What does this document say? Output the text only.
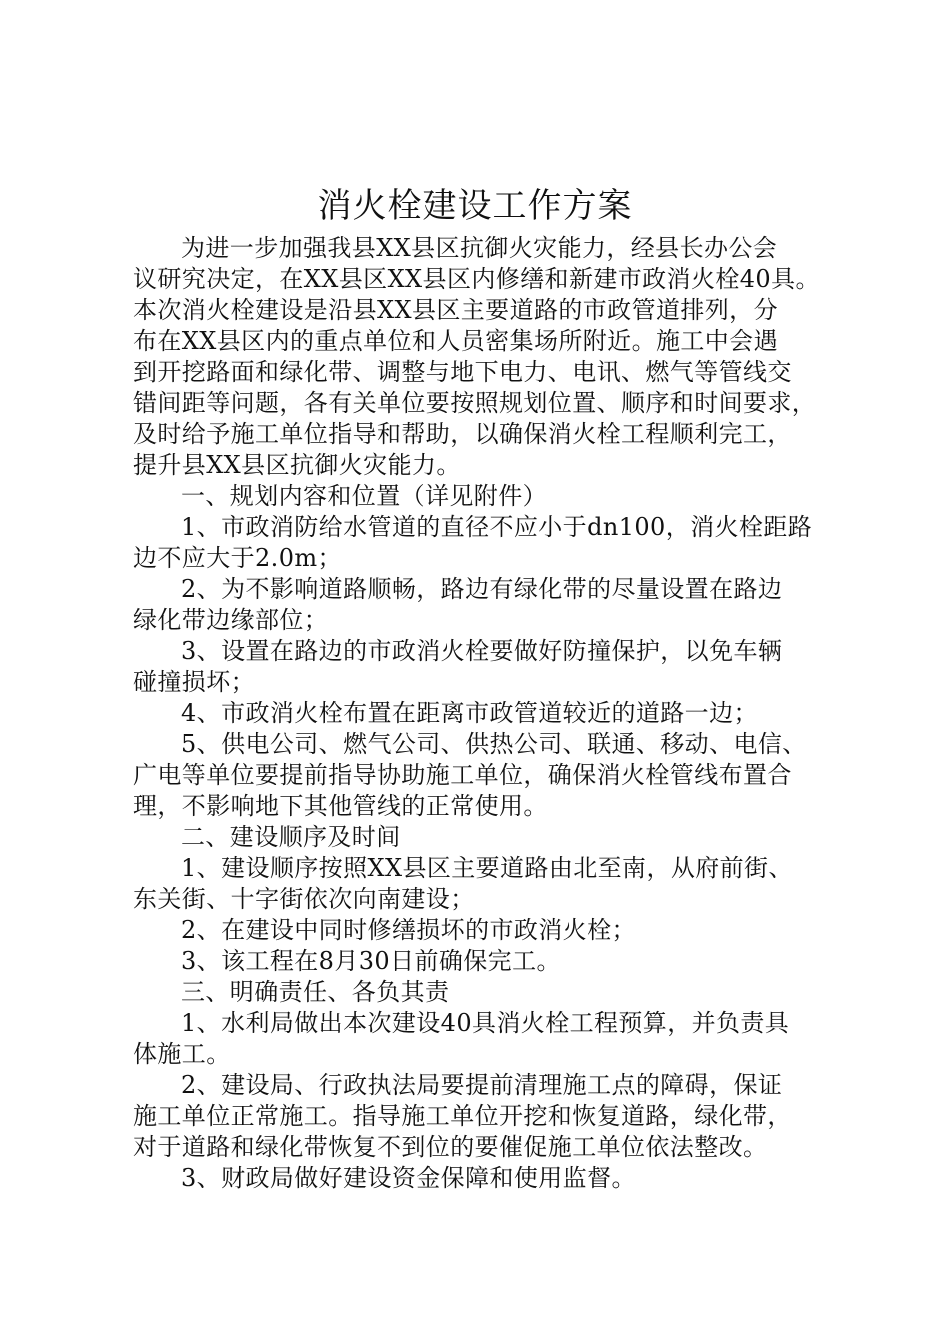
消火栓建设工作方案
为进一步加强我县XX县区抗御火灾能力，经县长办公会
议研究决定，在XX县区XX县区内修缮和新建市政消火栓40具。
本次消火栓建设是沿县XX县区主要道路的市政管道排列，分
布在XX县区内的重点单位和人员密集场所附近。施工中会遇
到开挖路面和绿化带、调整与地下电力、电讯、燃气等管线交
错间距等问题，各有关单位要按照规划位置、顺序和时间要求，
及时给予施工单位指导和帮助，以确保消火栓工程顺利完工，
提升县XX县区抗御火灾能力。
一、规划内容和位置（详见附件）
1、市政消防给水管道的直径不应小于dn100，消火栓距路
边不应大于2.0m；
2、为不影响道路顺畅，路边有绿化带的尽量设置在路边
绿化带边缘部位；
3、设置在路边的市政消火栓要做好防撞保护，以免车辆
碰撞损坏；
4、市政消火栓布置在距离市政管道较近的道路一边；
5、供电公司、燃气公司、供热公司、联通、移动、电信、
广电等单位要提前指导协助施工单位，确保消火栓管线布置合
理，不影响地下其他管线的正常使用。
二、建设顺序及时间
1、建设顺序按照XX县区主要道路由北至南，从府前街、
东关街、十字街依次向南建设；
2、在建设中同时修缮损坏的市政消火栓；
3、该工程在8月30日前确保完工。
三、明确责任、各负其责
1、水利局做出本次建设40具消火栓工程预算，并负责具
体施工。
2、建设局、行政执法局要提前清理施工点的障碍，保证
施工单位正常施工。指导施工单位开挖和恢复道路，绿化带，
对于道路和绿化带恢复不到位的要催促施工单位依法整改。
3、财政局做好建设资金保障和使用监督。
